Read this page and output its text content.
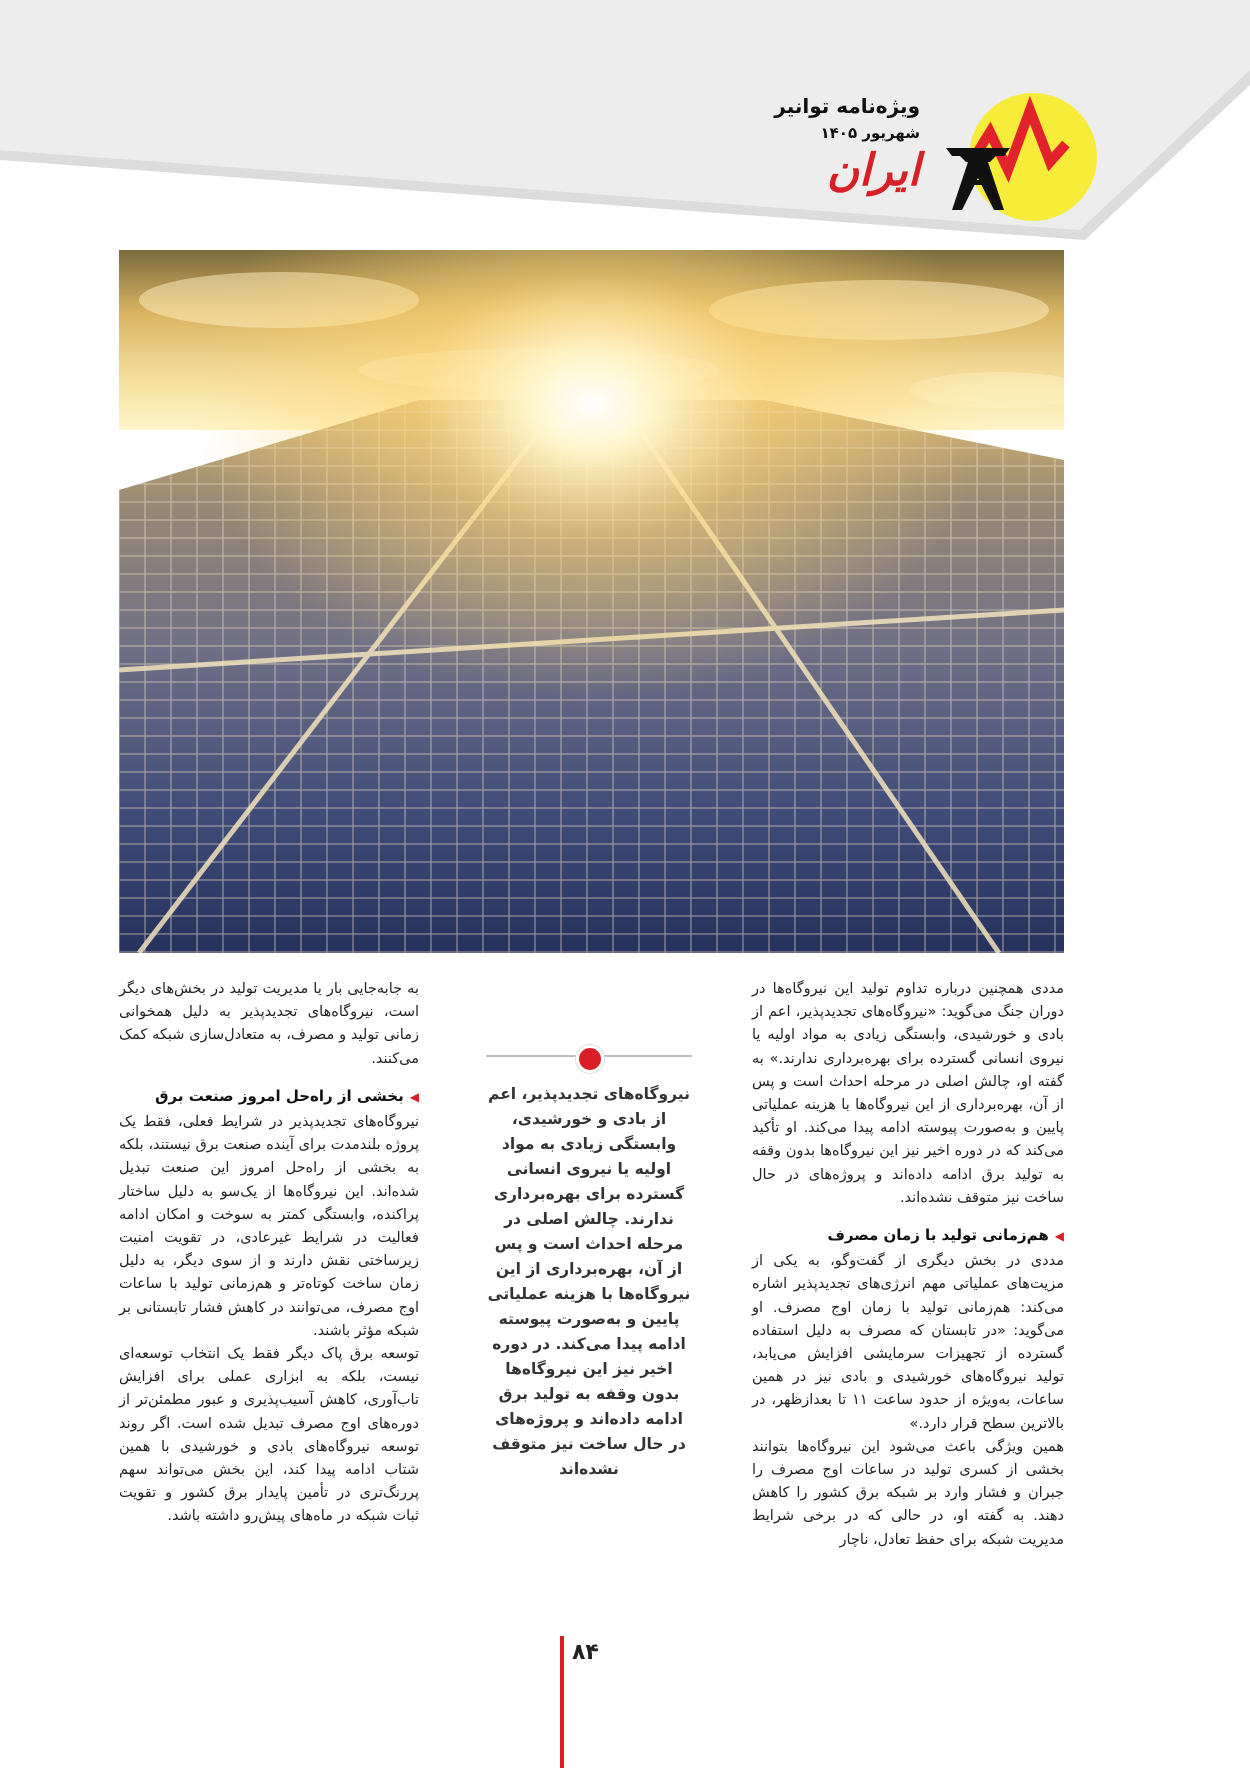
ویژه‌نامه توانیر
شهریور ۱۴۰۵
ایران

مددی همچنین درباره تداوم تولید این نیروگاه‌ها در دوران جنگ می‌گوید: «نیروگاه‌های تجدیدپذیر، اعم از بادی و خورشیدی، وابستگی زیادی به مواد اولیه یا نیروی انسانی گسترده برای بهره‌برداری ندارند.» به گفته او، چالش اصلی در مرحله احداث است و پس از آن، بهره‌برداری از این نیروگاه‌ها با هزینه عملیاتی پایین و به‌صورت پیوسته ادامه پیدا می‌کند. او تأکید می‌کند که در دوره اخیر نیز این نیروگاه‌ها بدون وقفه به تولید برق ادامه داده‌اند و پروژه‌های در حال ساخت نیز متوقف نشده‌اند.

◀هم‌زمانی تولید با زمان مصرف

مددی در بخش دیگری از گفت‌وگو، به یکی از مزیت‌های عملیاتی مهم انرژی‌های تجدیدپذیر اشاره می‌کند: هم‌زمانی تولید با زمان اوج مصرف. او می‌گوید: «در تابستان که مصرف به دلیل استفاده گسترده از تجهیزات سرمایشی افزایش می‌یابد، تولید نیروگاه‌های خورشیدی و بادی نیز در همین ساعات، به‌ویژه از حدود ساعت ۱۱ تا بعدازظهر، در بالاترین سطح قرار دارد.»

همین ویژگی باعث می‌شود این نیروگاه‌ها بتوانند بخشی از کسری تولید در ساعات اوج مصرف را جبران و فشار وارد بر شبکه برق کشور را کاهش دهند. به گفته او، در حالی که در برخی شرایط مدیریت شبکه برای حفظ تعادل، ناچار

نیروگاه‌های تجدیدپذیر، اعم از بادی و خورشیدی، وابستگی زیادی به مواد اولیه یا نیروی انسانی گسترده برای بهره‌برداری ندارند. چالش اصلی در مرحله احداث است و پس از آن، بهره‌برداری از این نیروگاه‌ها با هزینه عملیاتی پایین و به‌صورت پیوسته ادامه پیدا می‌کند. در دوره اخیر نیز این نیروگاه‌ها بدون وقفه به تولید برق ادامه داده‌اند و پروژه‌های در حال ساخت نیز متوقف نشده‌اند

به جابه‌جایی بار یا مدیریت تولید در بخش‌های دیگر است، نیروگاه‌های تجدیدپذیر به دلیل همخوانی زمانی تولید و مصرف، به متعادل‌سازی شبکه کمک می‌کنند.

◀بخشی از راه‌حل امروز صنعت برق

نیروگاه‌های تجدیدپذیر در شرایط فعلی، فقط یک پروژه بلندمدت برای آینده صنعت برق نیستند، بلکه به بخشی از راه‌حل امروز این صنعت تبدیل شده‌اند. این نیروگاه‌ها از یک‌سو به دلیل ساختار پراکنده، وابستگی کمتر به سوخت و امکان ادامه فعالیت در شرایط غیرعادی، در تقویت امنیت زیرساختی نقش دارند و از سوی دیگر، به دلیل زمان ساخت کوتاه‌تر و هم‌زمانی تولید با ساعات اوج مصرف، می‌توانند در کاهش فشار تابستانی بر شبکه مؤثر باشند.

توسعه برق پاک دیگر فقط یک انتخاب توسعه‌ای نیست، بلکه به ابزاری عملی برای افزایش تاب‌آوری، کاهش آسیب‌پذیری و عبور مطمئن‌تر از دوره‌های اوج مصرف تبدیل شده است. اگر روند توسعه نیروگاه‌های بادی و خورشیدی با همین شتاب ادامه پیدا کند، این بخش می‌تواند سهم پررنگ‌تری در تأمین پایدار برق کشور و تقویت ثبات شبکه در ماه‌های پیش‌رو داشته باشد.

۸۴
